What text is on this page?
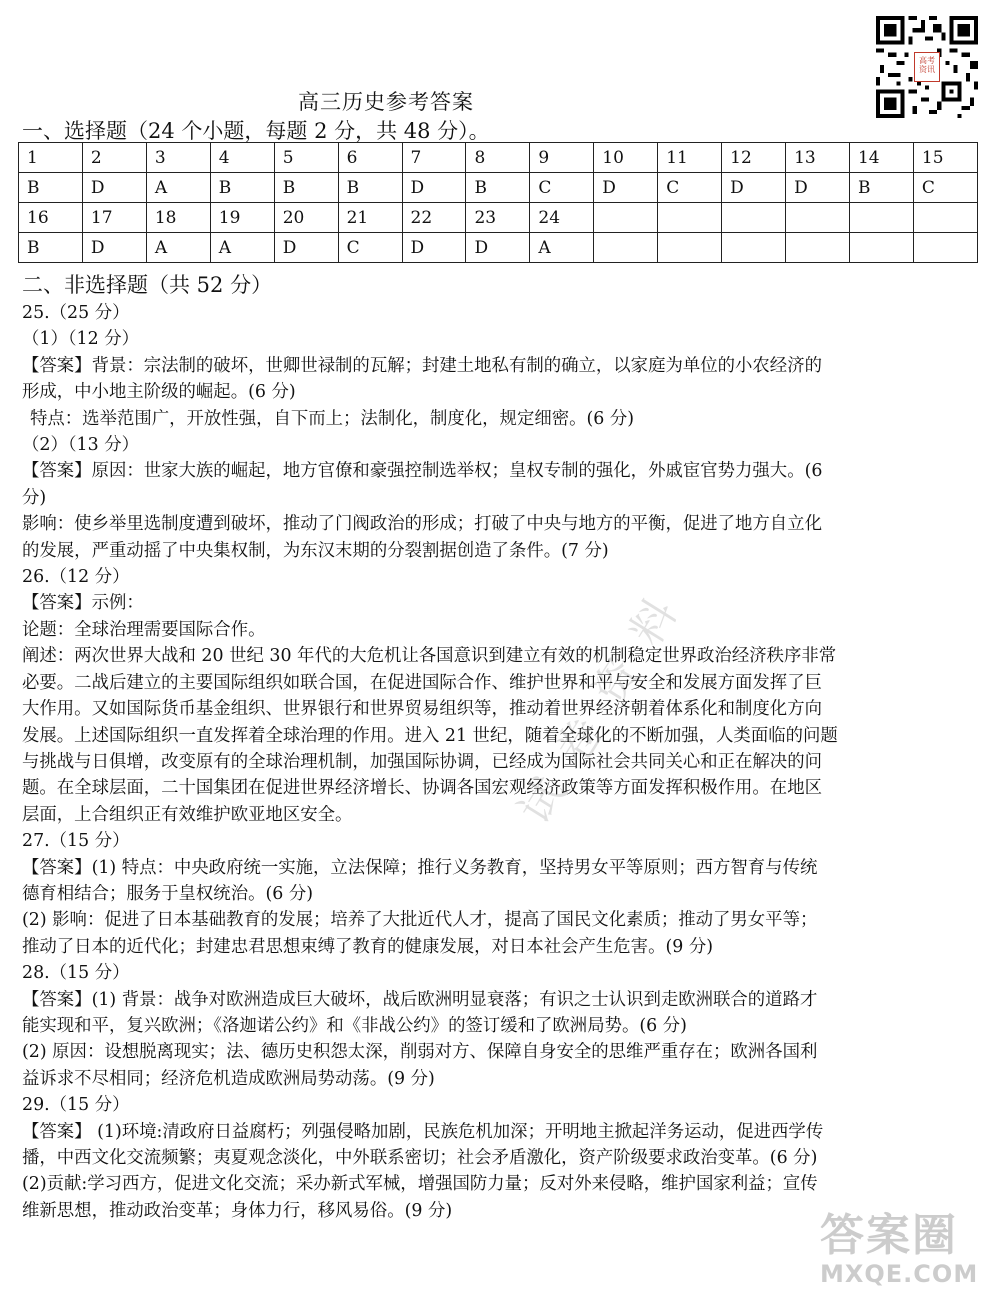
高考
资讯
高三历史参考答案
一、选择题（24 个小题，每题 2 分，共 48 分）。
1	2	3	4	5	6	7	8	9	10	11	12	13	14	15
B	D	A	B	B	B	D	B	C	D	C	D	D	B	C
16	17	18	19	20	21	22	23	24						
B	D	A	A	D	C	D	D	A						
二、非选择题（共 52 分）

25.（25 分）

（1）（12 分）

【答案】背景：宗法制的破坏，世卿世禄制的瓦解；封建土地私有制的确立，以家庭为单位的小农经济的

形成，中小地主阶级的崛起。(6 分)

特点：选举范围广，开放性强，自下而上；法制化，制度化，规定细密。(6 分)

（2）（13 分）

【答案】原因：世家大族的崛起，地方官僚和豪强控制选举权；皇权专制的强化，外戚宦官势力强大。(6

分)

影响：使乡举里选制度遭到破坏，推动了门阀政治的形成；打破了中央与地方的平衡，促进了地方自立化

的发展，严重动摇了中央集权制，为东汉末期的分裂割据创造了条件。(7 分)

26.（12 分）

【答案】示例：

论题：全球治理需要国际合作。

阐述：两次世界大战和 20 世纪 30 年代的大危机让各国意识到建立有效的机制稳定世界政治经济秩序非常

必要。二战后建立的主要国际组织如联合国，在促进国际合作、维护世界和平与安全和发展方面发挥了巨

大作用。又如国际货币基金组织、世界银行和世界贸易组织等，推动着世界经济朝着体系化和制度化方向

发展。上述国际组织一直发挥着全球治理的作用。进入 21 世纪，随着全球化的不断加强，人类面临的问题

与挑战与日俱增，改变原有的全球治理机制，加强国际协调，已经成为国际社会共同关心和正在解决的问

题。在全球层面，二十国集团在促进世界经济增长、协调各国宏观经济政策等方面发挥积极作用。在地区

层面，上合组织正有效维护欧亚地区安全。

27.（15 分）

【答案】(1) 特点：中央政府统一实施，立法保障；推行义务教育，坚持男女平等原则；西方智育与传统

德育相结合；服务于皇权统治。(6 分)

(2) 影响：促进了日本基础教育的发展；培养了大批近代人才，提高了国民文化素质；推动了男女平等；

推动了日本的近代化；封建忠君思想束缚了教育的健康发展，对日本社会产生危害。(9 分)

28.（15 分）

【答案】(1) 背景：战争对欧洲造成巨大破坏，战后欧洲明显衰落；有识之士认识到走欧洲联合的道路才

能实现和平，复兴欧洲；《洛迦诺公约》和《非战公约》的签订缓和了欧洲局势。(6 分)

(2) 原因：设想脱离现实；法、德历史积怨太深，削弱对方、保障自身安全的思维严重存在；欧洲各国利

益诉求不尽相同；经济危机造成欧洲局势动荡。(9 分)

29.（15 分）

【答案】 (1)环境:清政府日益腐朽；列强侵略加剧，民族危机加深；开明地主掀起洋务运动，促进西学传

播，中西文化交流频繁；夷夏观念淡化，中外联系密切；社会矛盾激化，资产阶级要求政治变革。(6 分)

(2)贡献:学习西方，促进文化交流；采办新式军械，增强国防力量；反对外来侵略，维护国家利益；宣传

维新思想，推动政治变革；身体力行，移风易俗。(9 分)

试卷资料
答案圈
MXQE.COM
